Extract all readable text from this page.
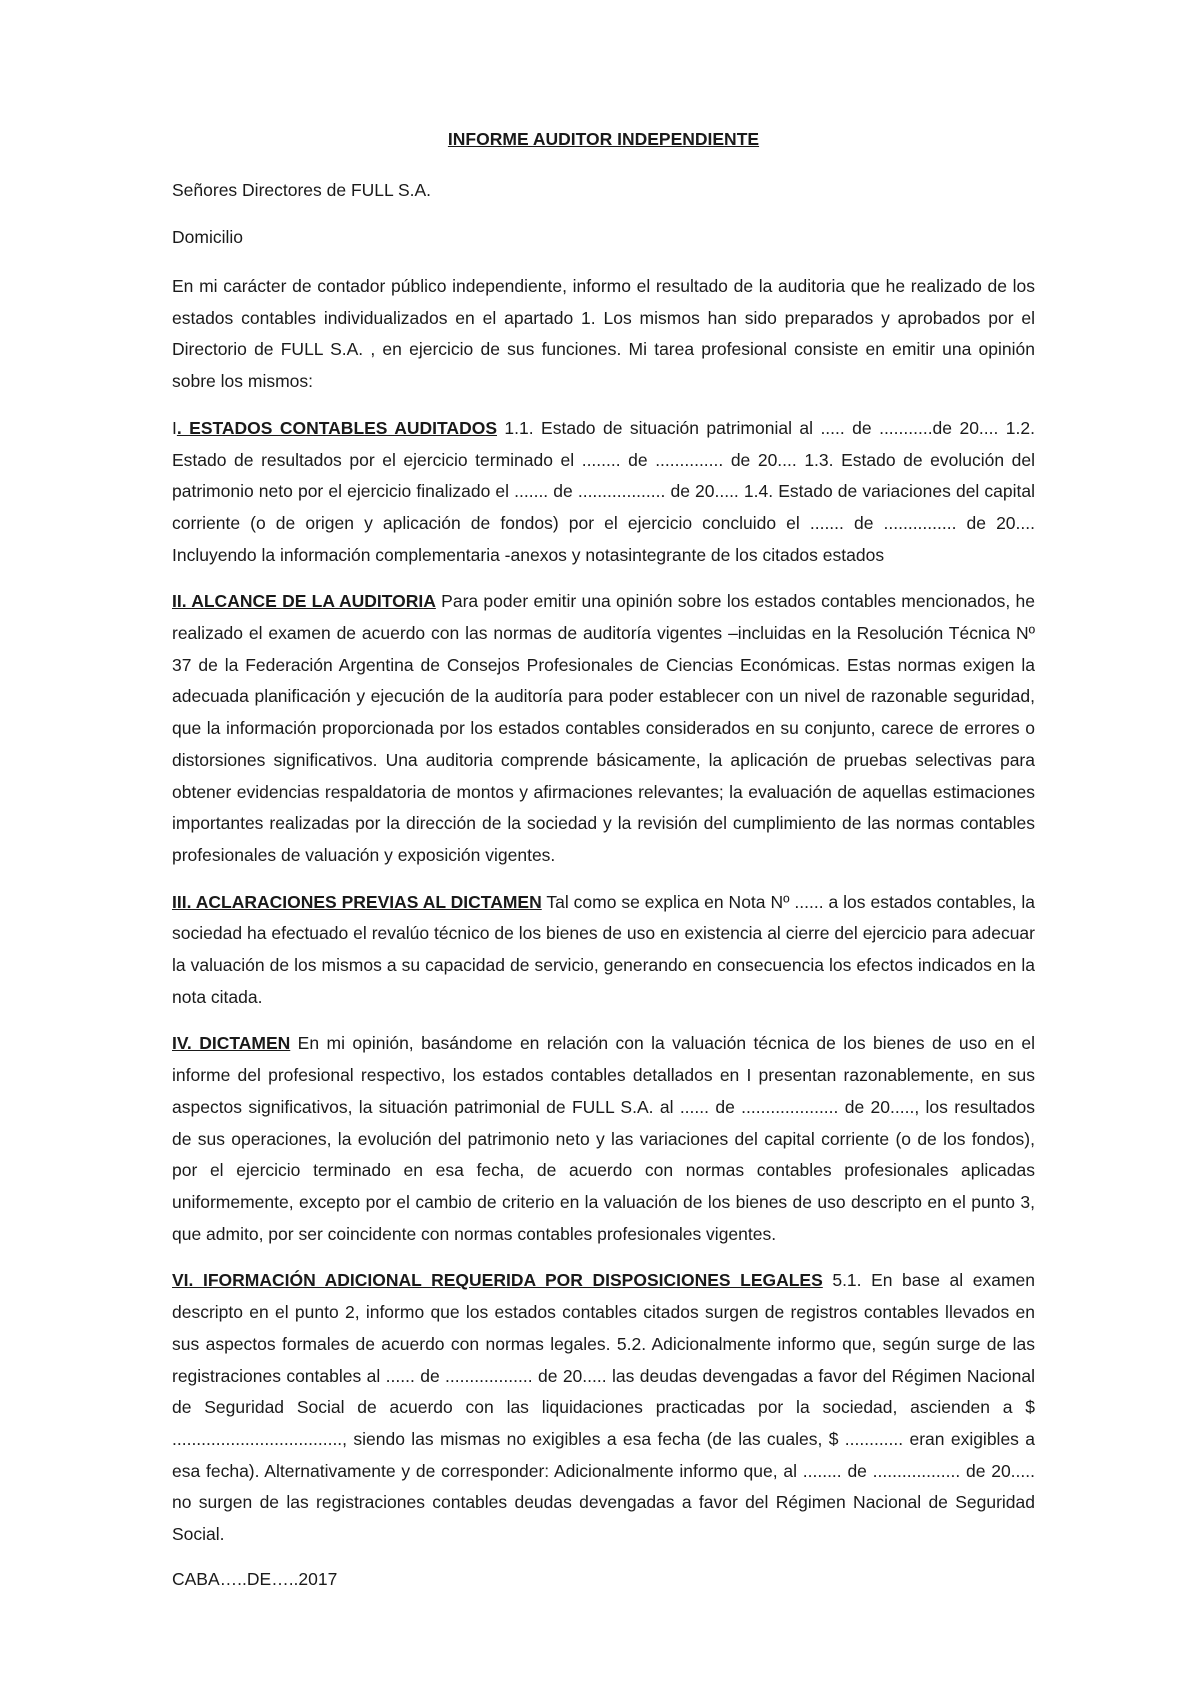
INFORME AUDITOR INDEPENDIENTE
Señores Directores de FULL S.A.
Domicilio

En mi carácter de contador público independiente, informo el resultado de la auditoria que he realizado de los estados contables individualizados en el apartado 1. Los mismos han sido preparados y aprobados por el Directorio de FULL S.A. , en ejercicio de sus funciones. Mi tarea profesional consiste en emitir una opinión sobre los mismos:

I. ESTADOS CONTABLES AUDITADOS 1.1. Estado de situación patrimonial al ..... de ...........de 20.... 1.2. Estado de resultados por el ejercicio terminado el ........ de .............. de 20.... 1.3. Estado de evolución del patrimonio neto por el ejercicio finalizado el ....... de .................. de 20..... 1.4. Estado de variaciones del capital corriente (o de origen y aplicación de fondos) por el ejercicio concluido el ....... de ............... de 20.... Incluyendo la información complementaria -anexos y notasintegrante de los citados estados

II. ALCANCE DE LA AUDITORIA Para poder emitir una opinión sobre los estados contables mencionados, he realizado el examen de acuerdo con las normas de auditoría vigentes –incluidas en la Resolución Técnica Nº 37 de la Federación Argentina de Consejos Profesionales de Ciencias Económicas. Estas normas exigen la adecuada planificación y ejecución de la auditoría para poder establecer con un nivel de razonable seguridad, que la información proporcionada por los estados contables considerados en su conjunto, carece de errores o distorsiones significativos. Una auditoria comprende básicamente, la aplicación de pruebas selectivas para obtener evidencias respaldatoria de montos y afirmaciones relevantes; la evaluación de aquellas estimaciones importantes realizadas por la dirección de la sociedad y la revisión del cumplimiento de las normas contables profesionales de valuación y exposición vigentes.

III. ACLARACIONES PREVIAS AL DICTAMEN Tal como se explica en Nota Nº ...... a los estados contables, la sociedad ha efectuado el revalúo técnico de los bienes de uso en existencia al cierre del ejercicio para adecuar la valuación de los mismos a su capacidad de servicio, generando en consecuencia los efectos indicados en la nota citada.

IV. DICTAMEN En mi opinión, basándome en relación con la valuación técnica de los bienes de uso en el informe del profesional respectivo, los estados contables detallados en I presentan razonablemente, en sus aspectos significativos, la situación patrimonial de FULL S.A. al ...... de .................... de 20....., los resultados de sus operaciones, la evolución del patrimonio neto y las variaciones del capital corriente (o de los fondos), por el ejercicio terminado en esa fecha, de acuerdo con normas contables profesionales aplicadas uniformemente, excepto por el cambio de criterio en la valuación de los bienes de uso descripto en el punto 3, que admito, por ser coincidente con normas contables profesionales vigentes.

VI. IFORMACIÓN ADICIONAL REQUERIDA POR DISPOSICIONES LEGALES 5.1. En base al examen descripto en el punto 2, informo que los estados contables citados surgen de registros contables llevados en sus aspectos formales de acuerdo con normas legales. 5.2. Adicionalmente informo que, según surge de las registraciones contables al ...... de .................. de 20..... las deudas devengadas a favor del Régimen Nacional de Seguridad Social de acuerdo con las liquidaciones practicadas por la sociedad, ascienden a $ ..................................., siendo las mismas no exigibles a esa fecha (de las cuales, $ ............ eran exigibles a esa fecha). Alternativamente y de corresponder: Adicionalmente informo que, al ........ de .................. de 20..... no surgen de las registraciones contables deudas devengadas a favor del Régimen Nacional de Seguridad Social.

CABA…..DE…..2017
